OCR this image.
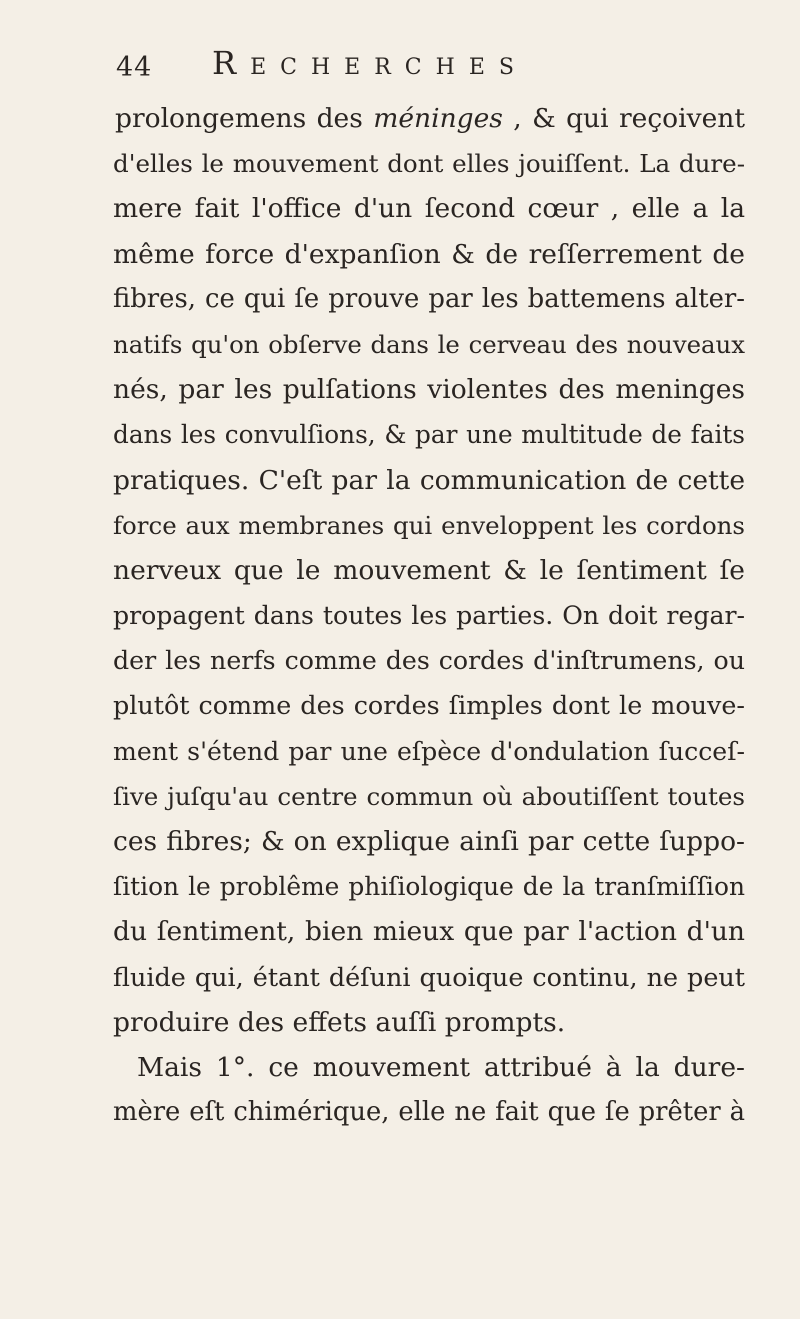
44 Recherches
prolongemens des méninges , & qui reçoivent
d'elles le mouvement dont elles jouiſſent. La dure-
mere fait l'office d'un ſecond cœur , elle a la
même force d'expanſion & de reſſerrement de
fibres, ce qui ſe prouve par les battemens alter-
natifs qu'on obſerve dans le cerveau des nouveaux
nés, par les pulſations violentes des meninges
dans les convulſions, & par une multitude de faits
pratiques. C'eſt par la communication de cette
force aux membranes qui enveloppent les cordons
nerveux que le mouvement & le ſentiment ſe
propagent dans toutes les parties. On doit regar-
der les nerfs comme des cordes d'inſtrumens, ou
plutôt comme des cordes ſimples dont le mouve-
ment s'étend par une eſpèce d'ondulation ſucceſ-
ſive juſqu'au centre commun où aboutiſſent toutes
ces fibres; & on explique ainſi par cette ſuppo-
ſition le problême phiſiologique de la tranſmiſſion
du ſentiment, bien mieux que par l'action d'un
fluide qui, étant déſuni quoique continu, ne peut
produire des effets auſſi prompts.
Mais 1°. ce mouvement attribué à la dure-
mère eſt chimérique, elle ne fait que ſe prêter à
